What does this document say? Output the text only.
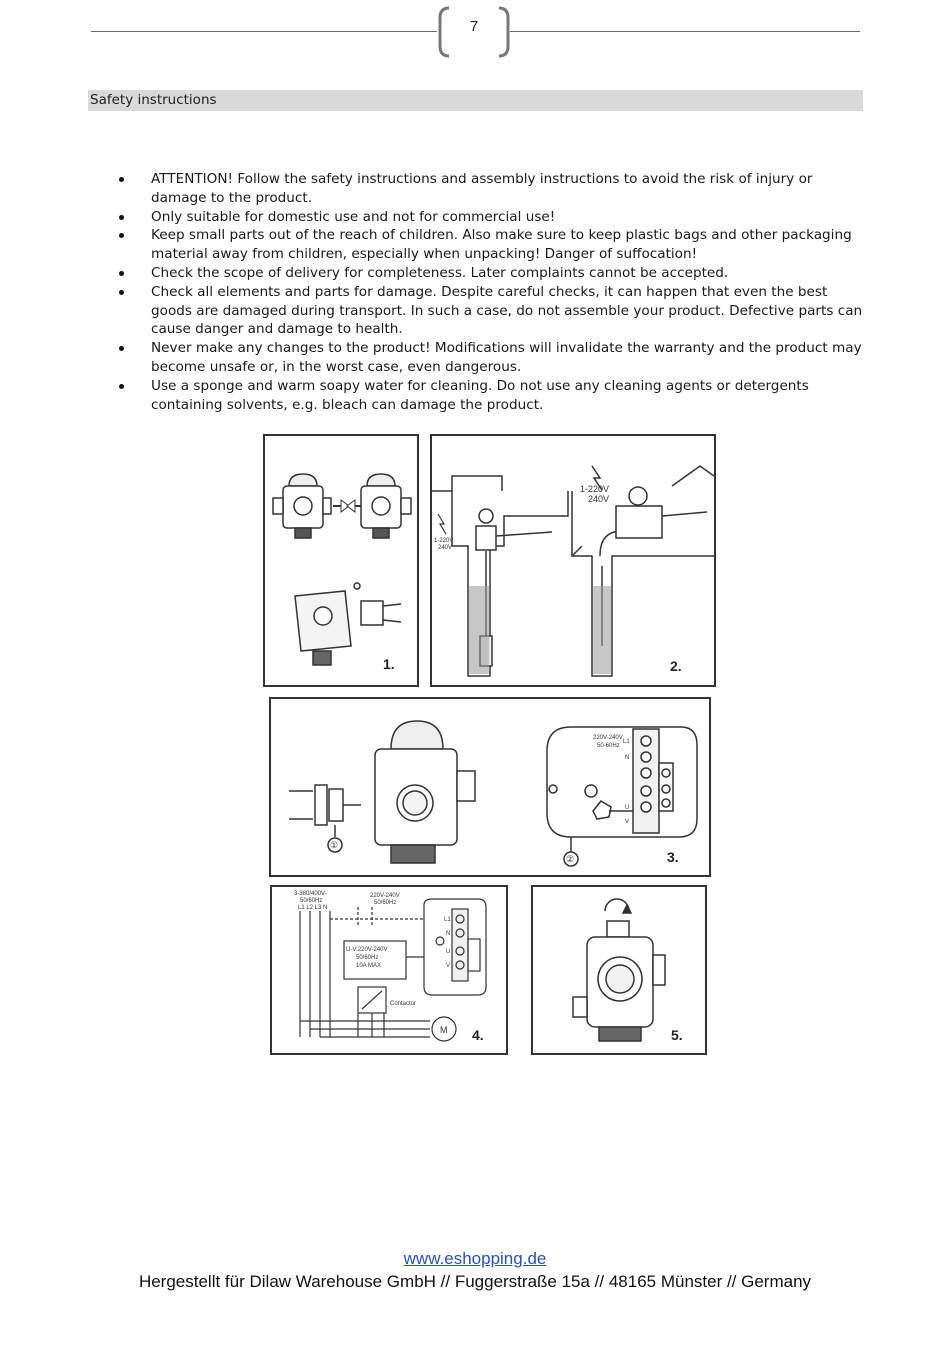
7
Safety instructions
ATTENTION! Follow the safety instructions and assembly instructions to avoid the risk of injury or damage to the product.
Only suitable for domestic use and not for commercial use!
Keep small parts out of the reach of children. Also make sure to keep plastic bags and other packaging material away from children, especially when unpacking! Danger of suffocation!
Check the scope of delivery for completeness. Later complaints cannot be accepted.
Check all elements and parts for damage. Despite careful checks, it can happen that even the best goods are damaged during transport. In such a case, do not assemble your product. Defective parts can cause danger and damage to health.
Never make any changes to the product! Modifications will invalidate the warranty and the product may become unsafe or, in the worst case, even dangerous.
Use a sponge and warm soapy water for cleaning. Do not use any cleaning agents or detergents containing solvents, e.g. bleach can damage the product.
1.
1-220V
240V
1-220V
240V
2.
220V-240V
50-60Hz
L1
N
U
V
①
②	3.
3-380/400V-
50/60Hz
L1 L2 L3 N
220V-240V
50/60Hz
U-V:220V-240V
50/60Hz
10A MAX
Contactor
M
L1
N
U
V
4.	5.
www.eshopping.de
Hergestellt für Dilaw Warehouse GmbH // Fuggerstraße 15a // 48165 Münster // Germany
